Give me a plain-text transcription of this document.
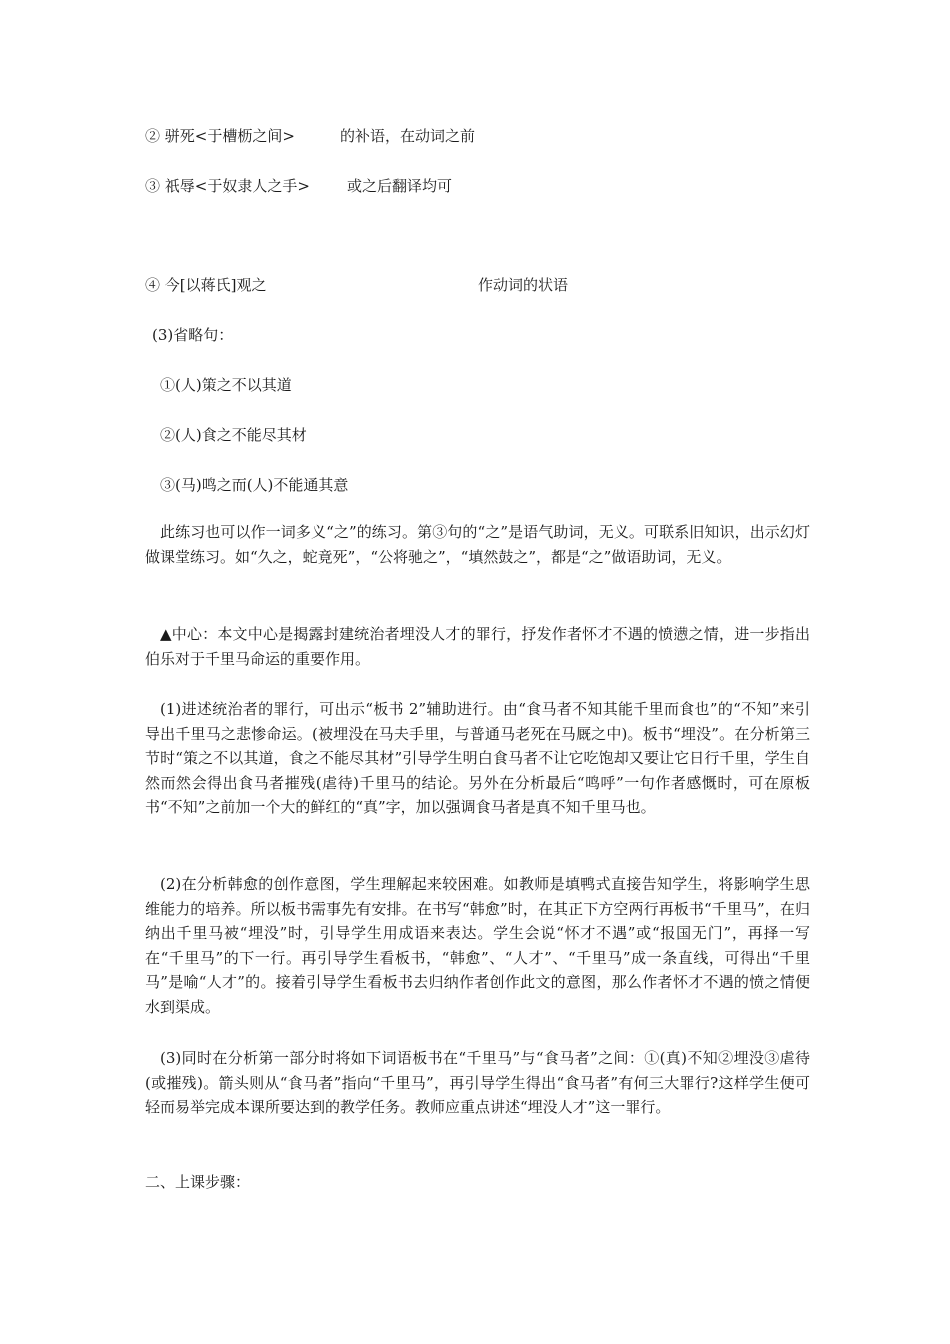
② 骈死<于槽枥之间>	的补语，在动词之前
③ 祇辱<于奴隶人之手> 或之后翻译均可
④ 今[以蒋氏]观之	作动词的状语
(3)省略句：
①(人)策之不以其道
②(人)食之不能尽其材
③(马)鸣之而(人)不能通其意

此练习也可以作一词多义“之”的练习。第③句的“之”是语气助词，无义。可联系旧知识，出示幻灯做课堂练习。如“久之，蛇竟死”，“公将驰之”，“填然鼓之”，都是“之”做语助词，无义。

▲中心：本文中心是揭露封建统治者埋没人才的罪行，抒发作者怀才不遇的愤懑之情，进一步指出伯乐对于千里马命运的重要作用。

(1)进述统治者的罪行，可出示“板书 2”辅助进行。由“食马者不知其能千里而食也”的“不知”来引导出千里马之悲惨命运。(被埋没在马夫手里，与普通马老死在马厩之中)。板书“埋没”。在分析第三节时“策之不以其道，食之不能尽其材”引导学生明白食马者不让它吃饱却又要让它日行千里，学生自然而然会得出食马者摧残(虐待)千里马的结论。另外在分析最后“鸣呼”一句作者感慨时，可在原板书“不知”之前加一个大的鲜红的“真”字，加以强调食马者是真不知千里马也。

(2)在分析韩愈的创作意图，学生理解起来较困难。如教师是填鸭式直接告知学生，将影响学生思维能力的培养。所以板书需事先有安排。在书写“韩愈”时，在其正下方空两行再板书“千里马”，在归纳出千里马被“埋没”时，引导学生用成语来表达。学生会说“怀才不遇”或“报国无门”，再择一写在“千里马”的下一行。再引导学生看板书，“韩愈”、“人才”、“千里马”成一条直线，可得出“千里马”是喻“人才”的。接着引导学生看板书去归纳作者创作此文的意图，那么作者怀才不遇的愤之情便水到渠成。

(3)同时在分析第一部分时将如下词语板书在“千里马”与“食马者”之间：①(真)不知②埋没③虐待(或摧残)。箭头则从“食马者”指向“千里马”，再引导学生得出“食马者”有何三大罪行?这样学生便可轻而易举完成本课所要达到的教学任务。教师应重点讲述“埋没人才”这一罪行。

二、上课步骤：
